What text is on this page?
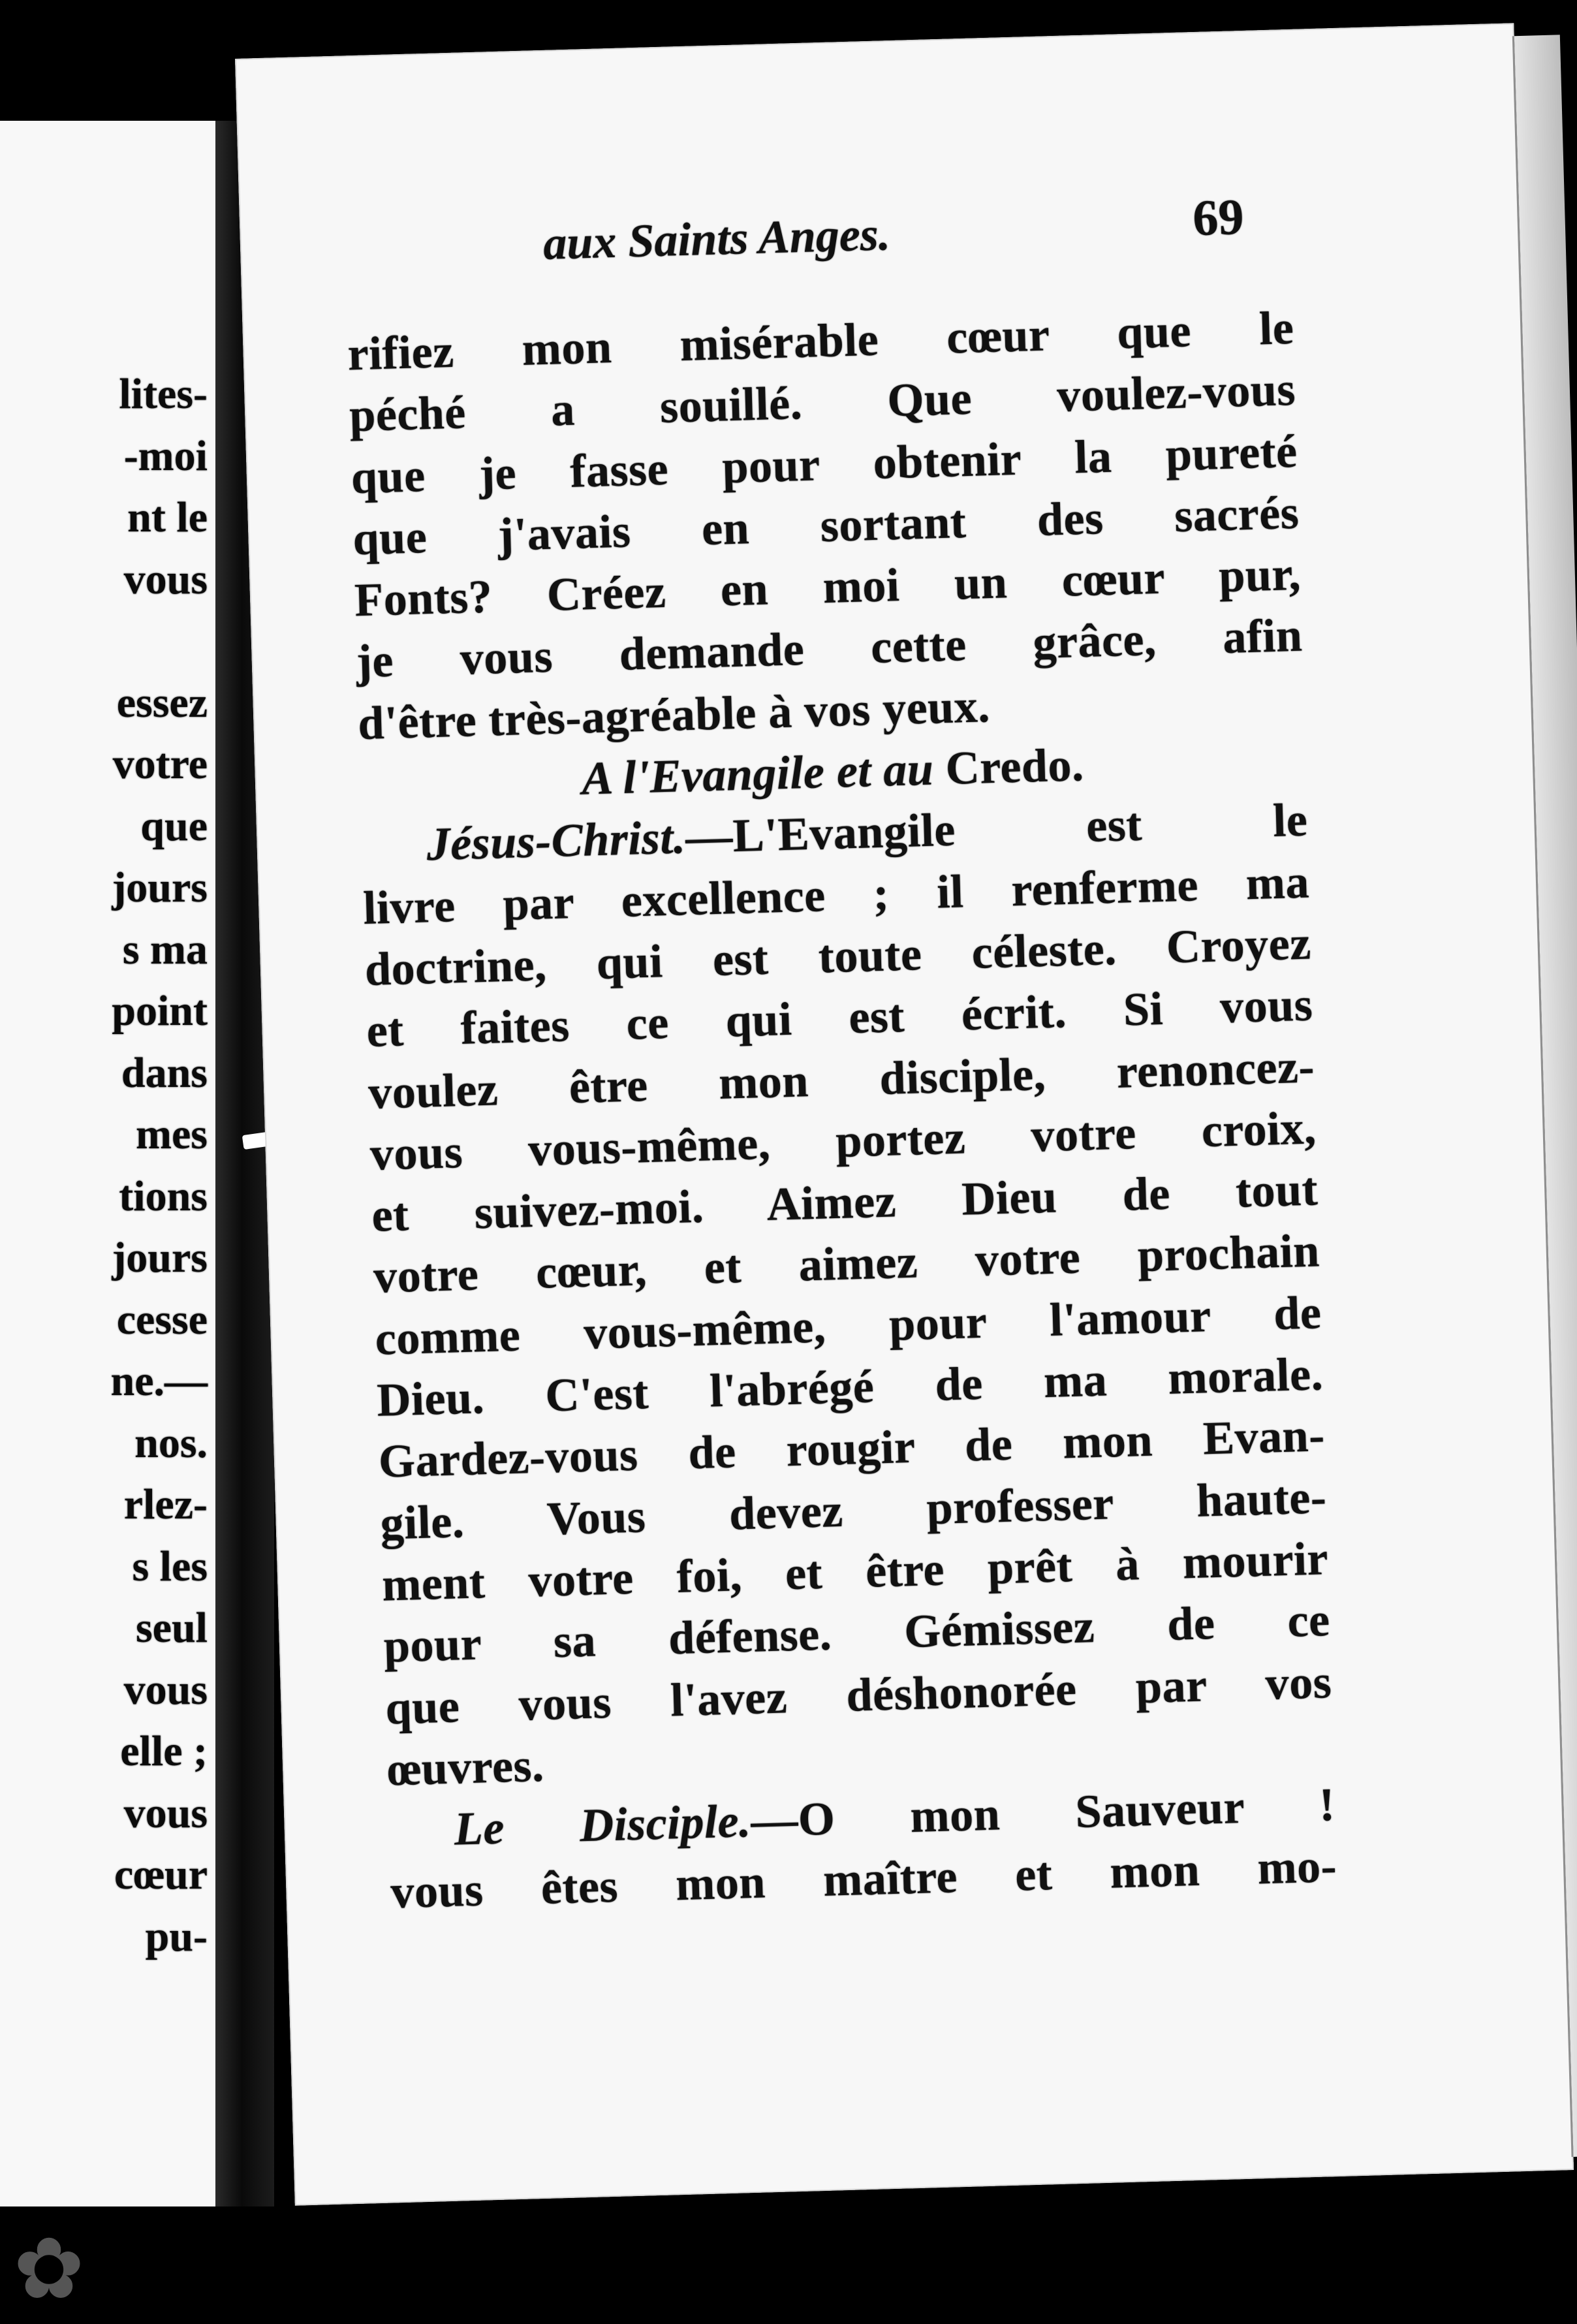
lites-
-moi
nt le
vous

essez
votre
que
jours
s ma
point
dans
mes
tions
jours
cesse
ne.—
nos.
rlez-
s les
seul
vous
elle ;
vous
cœur
pu-
aux Saints Anges.	69
rifiez mon misérable cœur que le
péché a souillé. Que voulez-vous
que je fasse pour obtenir la pureté
que j'avais en sortant des sacrés
Fonts? Créez en moi un cœur pur,
je vous demande cette grâce, afin
d'être très-agréable à vos yeux.
A l'Evangile et au Credo.
Jésus-Christ.—L'Evangile est le
livre par excellence ; il renferme ma
doctrine, qui est toute céleste. Croyez
et faites ce qui est écrit. Si vous
voulez être mon disciple, renoncez-
vous vous-même, portez votre croix,
et suivez-moi. Aimez Dieu de tout
votre cœur, et aimez votre prochain
comme vous-même, pour l'amour de
Dieu. C'est l'abrégé de ma morale.
Gardez-vous de rougir de mon Evan-
gile. Vous devez professer haute-
ment votre foi, et être prêt à mourir
pour sa défense. Gémissez de ce
que vous l'avez déshonorée par vos
œuvres.
Le Disciple.—O mon Sauveur !
vous êtes mon maître et mon mo-
✿
